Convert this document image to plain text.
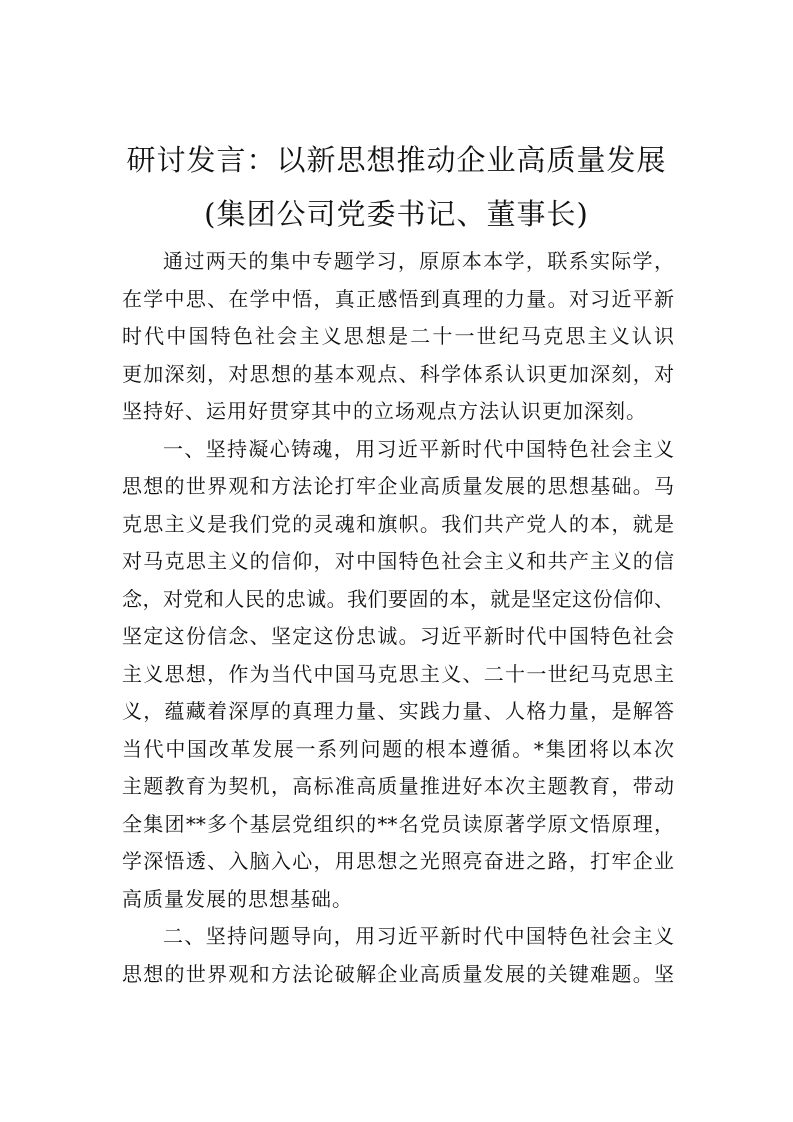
研讨发言：以新思想推动企业高质量发展
(集团公司党委书记、董事长)
通过两天的集中专题学习，原原本本学，联系实际学，
在学中思、在学中悟，真正感悟到真理的力量。对习近平新
时代中国特色社会主义思想是二十一世纪马克思主义认识
更加深刻，对思想的基本观点、科学体系认识更加深刻，对
坚持好、运用好贯穿其中的立场观点方法认识更加深刻。
一、坚持凝心铸魂，用习近平新时代中国特色社会主义
思想的世界观和方法论打牢企业高质量发展的思想基础。马
克思主义是我们党的灵魂和旗帜。我们共产党人的本，就是
对马克思主义的信仰，对中国特色社会主义和共产主义的信
念，对党和人民的忠诚。我们要固的本，就是坚定这份信仰、
坚定这份信念、坚定这份忠诚。习近平新时代中国特色社会
主义思想，作为当代中国马克思主义、二十一世纪马克思主
义，蕴藏着深厚的真理力量、实践力量、人格力量，是解答
当代中国改革发展一系列问题的根本遵循。*集团将以本次
主题教育为契机，高标准高质量推进好本次主题教育，带动
全集团**多个基层党组织的**名党员读原著学原文悟原理，
学深悟透、入脑入心，用思想之光照亮奋进之路，打牢企业
高质量发展的思想基础。
二、坚持问题导向，用习近平新时代中国特色社会主义
思想的世界观和方法论破解企业高质量发展的关键难题。坚
